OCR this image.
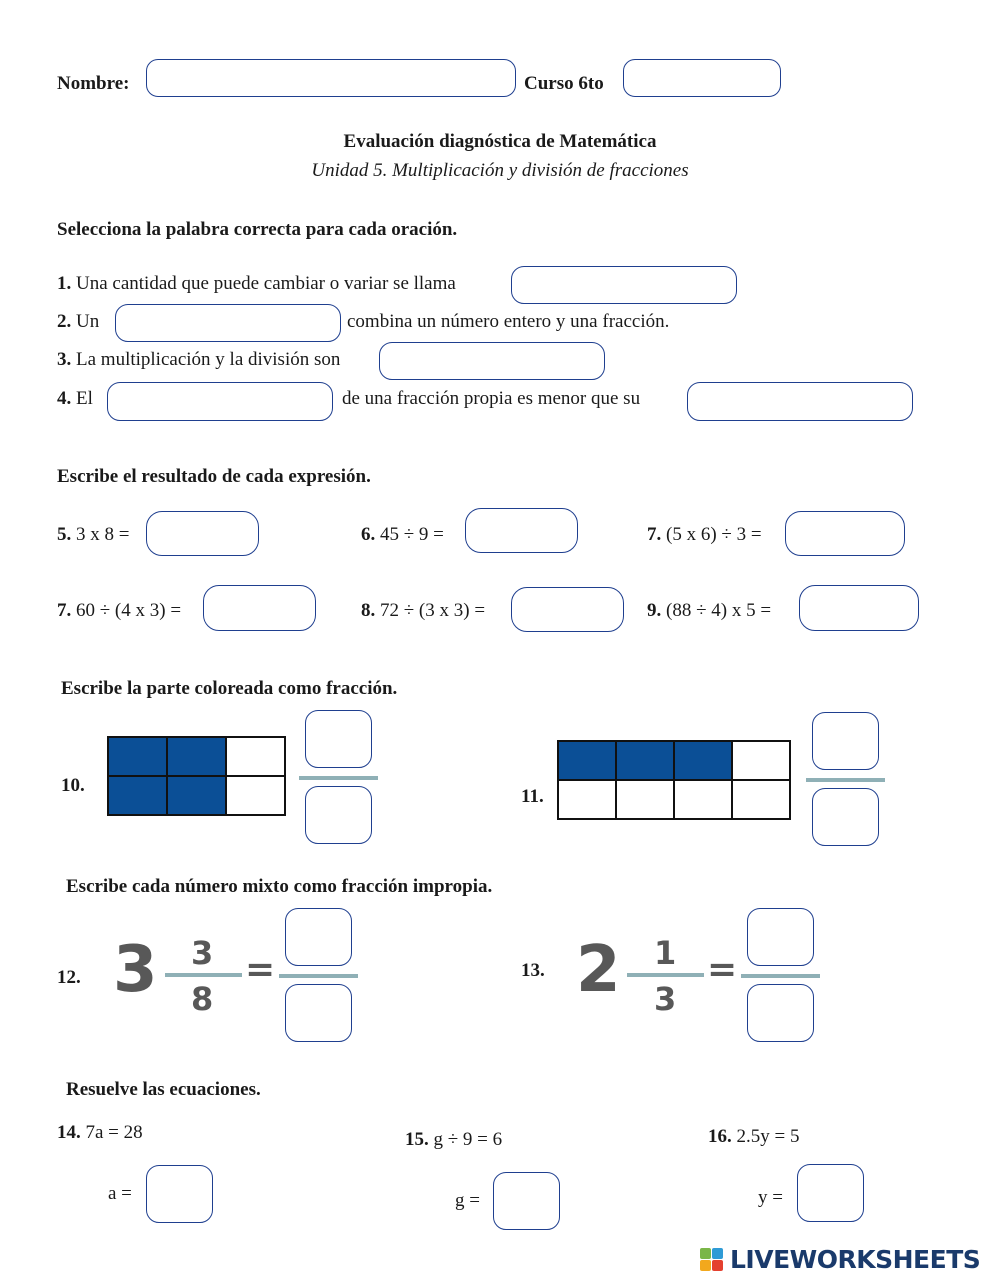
Nombre:	Curso 6to
Evaluación diagnóstica de Matemática
Unidad 5. Multiplicación y división de fracciones
Selecciona la palabra correcta para cada oración.
1. Una cantidad que puede cambiar o variar se llama
2. Un	combina un número entero y una fracción.
3. La multiplicación y la división son
4. El	de una fracción propia es menor que su
Escribe el resultado de cada expresión.
5. 3 x 8 =	6. 45 ÷ 9 =	7. (5 x 6) ÷ 3 =
7. 60 ÷ (4 x 3) =	8. 72 ÷ (3 x 3) =	9. (88 ÷ 4) x 5 =
Escribe la parte coloreada como fracción.
10.

11.

Escribe cada número mixto como fracción impropia.
12. 3 3
8
=	13. 2 1
3
=
Resuelve las ecuaciones.
14. 7a = 28
a =
15. g ÷ 9 = 6
g =
16. 2.5y = 5
y =
LIVEWORKSHEETS
